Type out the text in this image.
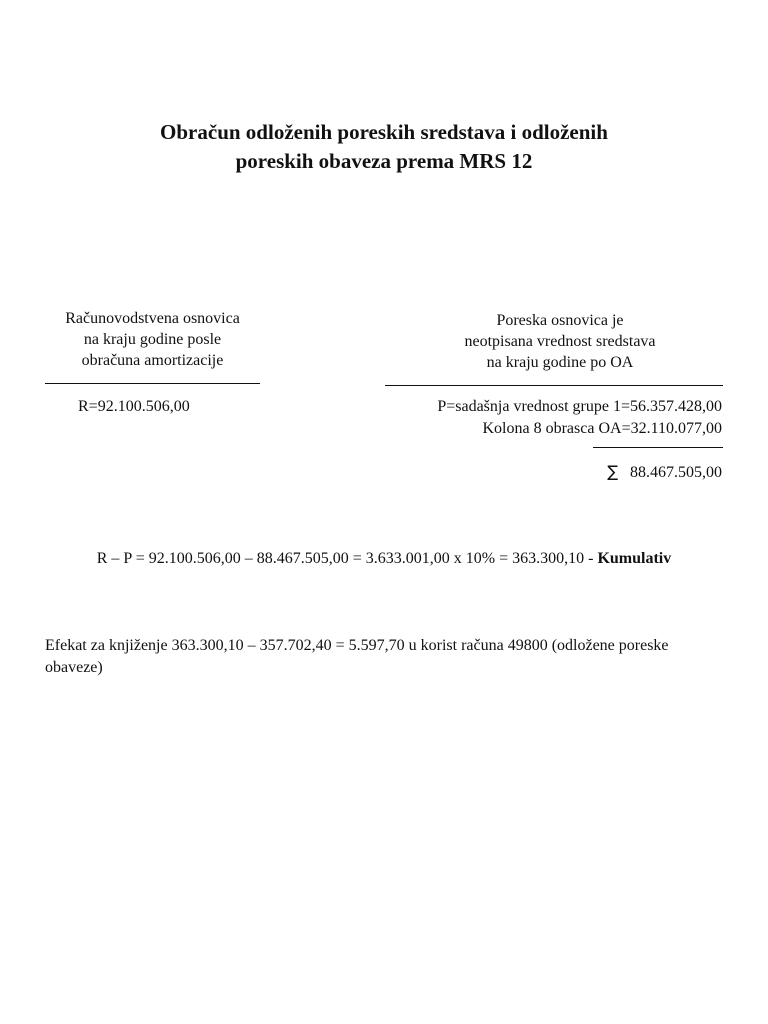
Obračun odloženih poreskih sredstava i odloženih
poreskih obaveza prema MRS 12
Računovodstvena osnovica
na kraju godine posle
obračuna amortizacije
R=92.100.506,00
Poreska osnovica je
neotpisana vrednost sredstava
na kraju godine po OA
P=sadašnja vrednost grupe 1=56.357.428,00
Kolona 8 obrasca OA=32.110.077,00
∑ 88.467.505,00
R – P = 92.100.506,00 – 88.467.505,00 = 3.633.001,00 x 10% = 363.300,10 - Kumulativ
Efekat za knjiženje 363.300,10 – 357.702,40 = 5.597,70 u korist računa 49800 (odložene poreske obaveze)
